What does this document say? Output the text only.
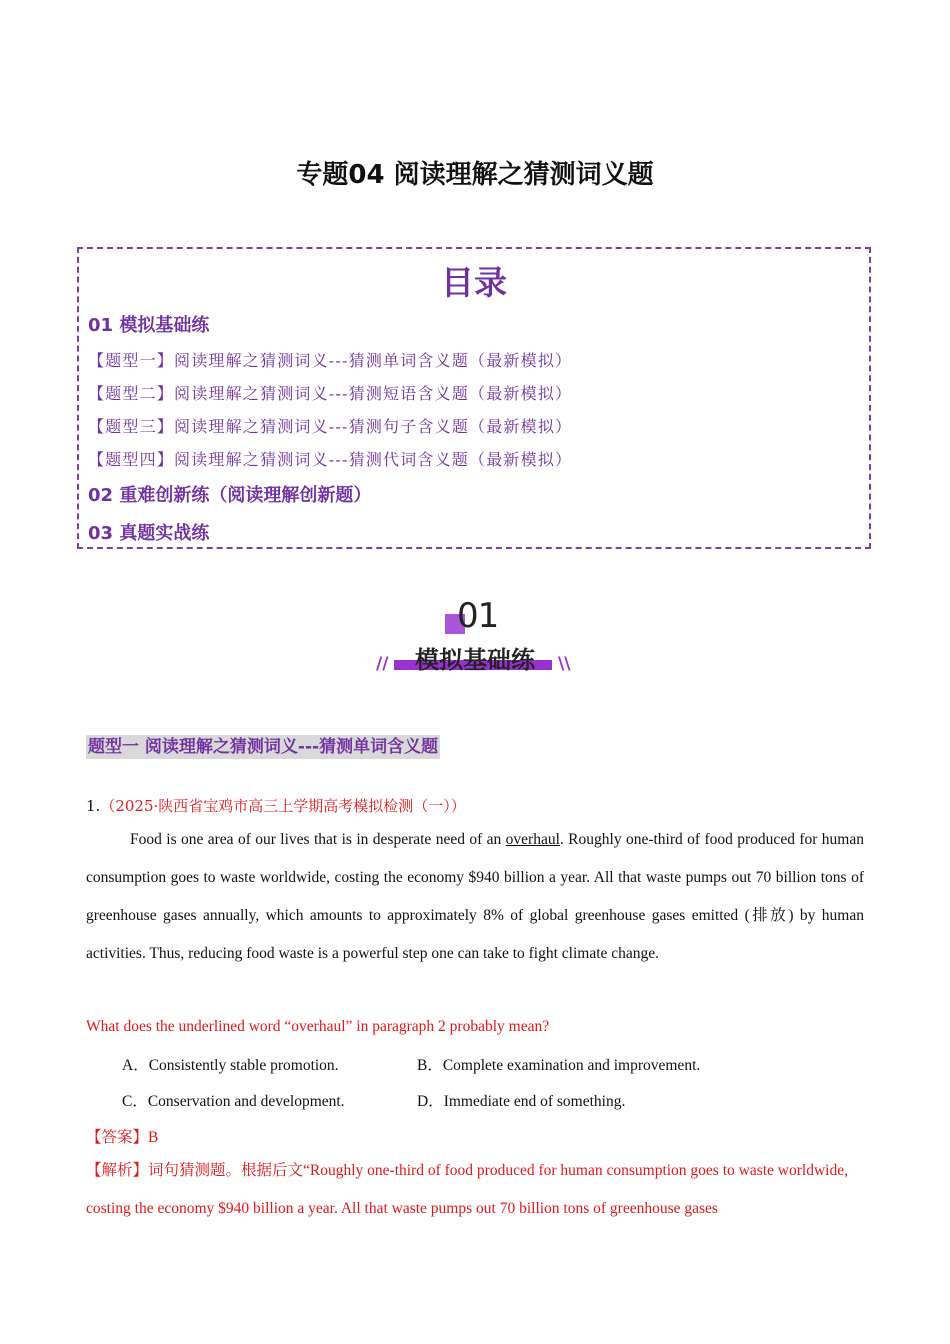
专题04 阅读理解之猜测词义题
目录
01 模拟基础练
【题型一】阅读理解之猜测词义---猜测单词含义题（最新模拟）
【题型二】阅读理解之猜测词义---猜测短语含义题（最新模拟）
【题型三】阅读理解之猜测词义---猜测句子含义题（最新模拟）
【题型四】阅读理解之猜测词义---猜测代词含义题（最新模拟）
02 重难创新练（阅读理解创新题）
03 真题实战练
01
模拟基础练
//	\\
题型一 阅读理解之猜测词义---猜测单词含义题
1.（2025·陕西省宝鸡市高三上学期高考模拟检测（一））
Food is one area of our lives that is in desperate need of an overhaul. Roughly one-third of food produced for human consumption goes to waste worldwide, costing the economy $940 billion a year. All that waste pumps out 70 billion tons of greenhouse gases annually, which amounts to approximately 8% of global greenhouse gases emitted (排放) by human activities. Thus, reducing food waste is a powerful step one can take to fight climate change.
What does the underlined word “overhaul” in paragraph 2 probably mean?
A．Consistently stable promotion.	B．Complete examination and improvement.
C．Conservation and development.	D．Immediate end of something.
【答案】B
【解析】词句猜测题。根据后文“Roughly one-third of food produced for human consumption goes to waste worldwide, costing the economy $940 billion a year. All that waste pumps out 70 billion tons of greenhouse gases
